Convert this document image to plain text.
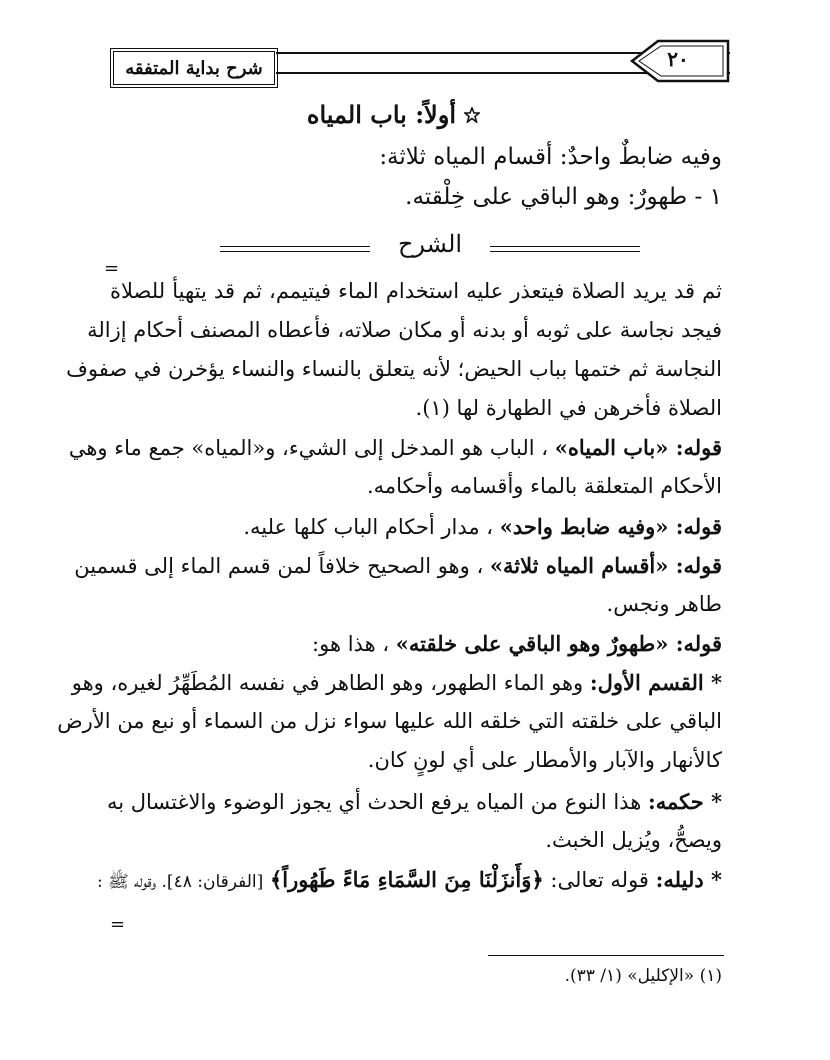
شرح بداية المتفقه	٢٠
أولاً: باب المياه
وفيه ضابطٌ واحدٌ: أقسام المياه ثلاثة:
١ - طهورٌ: وهو الباقي على خِلْقته.
الشرح
=
ثم قد يريد الصلاة فيتعذر عليه استخدام الماء فيتيمم، ثم قد يتهيأ للصلاة
فيجد نجاسة على ثوبه أو بدنه أو مكان صلاته، فأعطاه المصنف أحكام إزالة
النجاسة ثم ختمها بباب الحيض؛ لأنه يتعلق بالنساء والنساء يؤخرن في صفوف
الصلاة فأخرهن في الطهارة لها (١).
قوله: «باب المياه» ، الباب هو المدخل إلى الشيء، و«المياه» جمع ماء وهي
الأحكام المتعلقة بالماء وأقسامه وأحكامه.
قوله: «وفيه ضابط واحد» ، مدار أحكام الباب كلها عليه.
قوله: «أقسام المياه ثلاثة» ، وهو الصحيح خلافاً لمن قسم الماء إلى قسمين
طاهر ونجس.
قوله: «طهورٌ وهو الباقي على خلقته» ، هذا هو:
* القسم الأول: وهو الماء الطهور، وهو الطاهر في نفسه المُطَهِّرُ لغيره، وهو
الباقي على خلقته التي خلقه الله عليها سواء نزل من السماء أو نبع من الأرض
كالأنهار والآبار والأمطار على أي لونٍ كان.
* حكمه: هذا النوع من المياه يرفع الحدث أي يجوز الوضوء والاغتسال به
ويصحُّ، ويُزيل الخبث.
* دليله: قوله تعالى: ﴿وَأَنزَلْنَا مِنَ السَّمَاءِ مَاءً طَهُوراً﴾ [الفرقان: ٤٨]. وقوله ﷺ :
=
(١) «الإكليل» (١/ ٣٣).
